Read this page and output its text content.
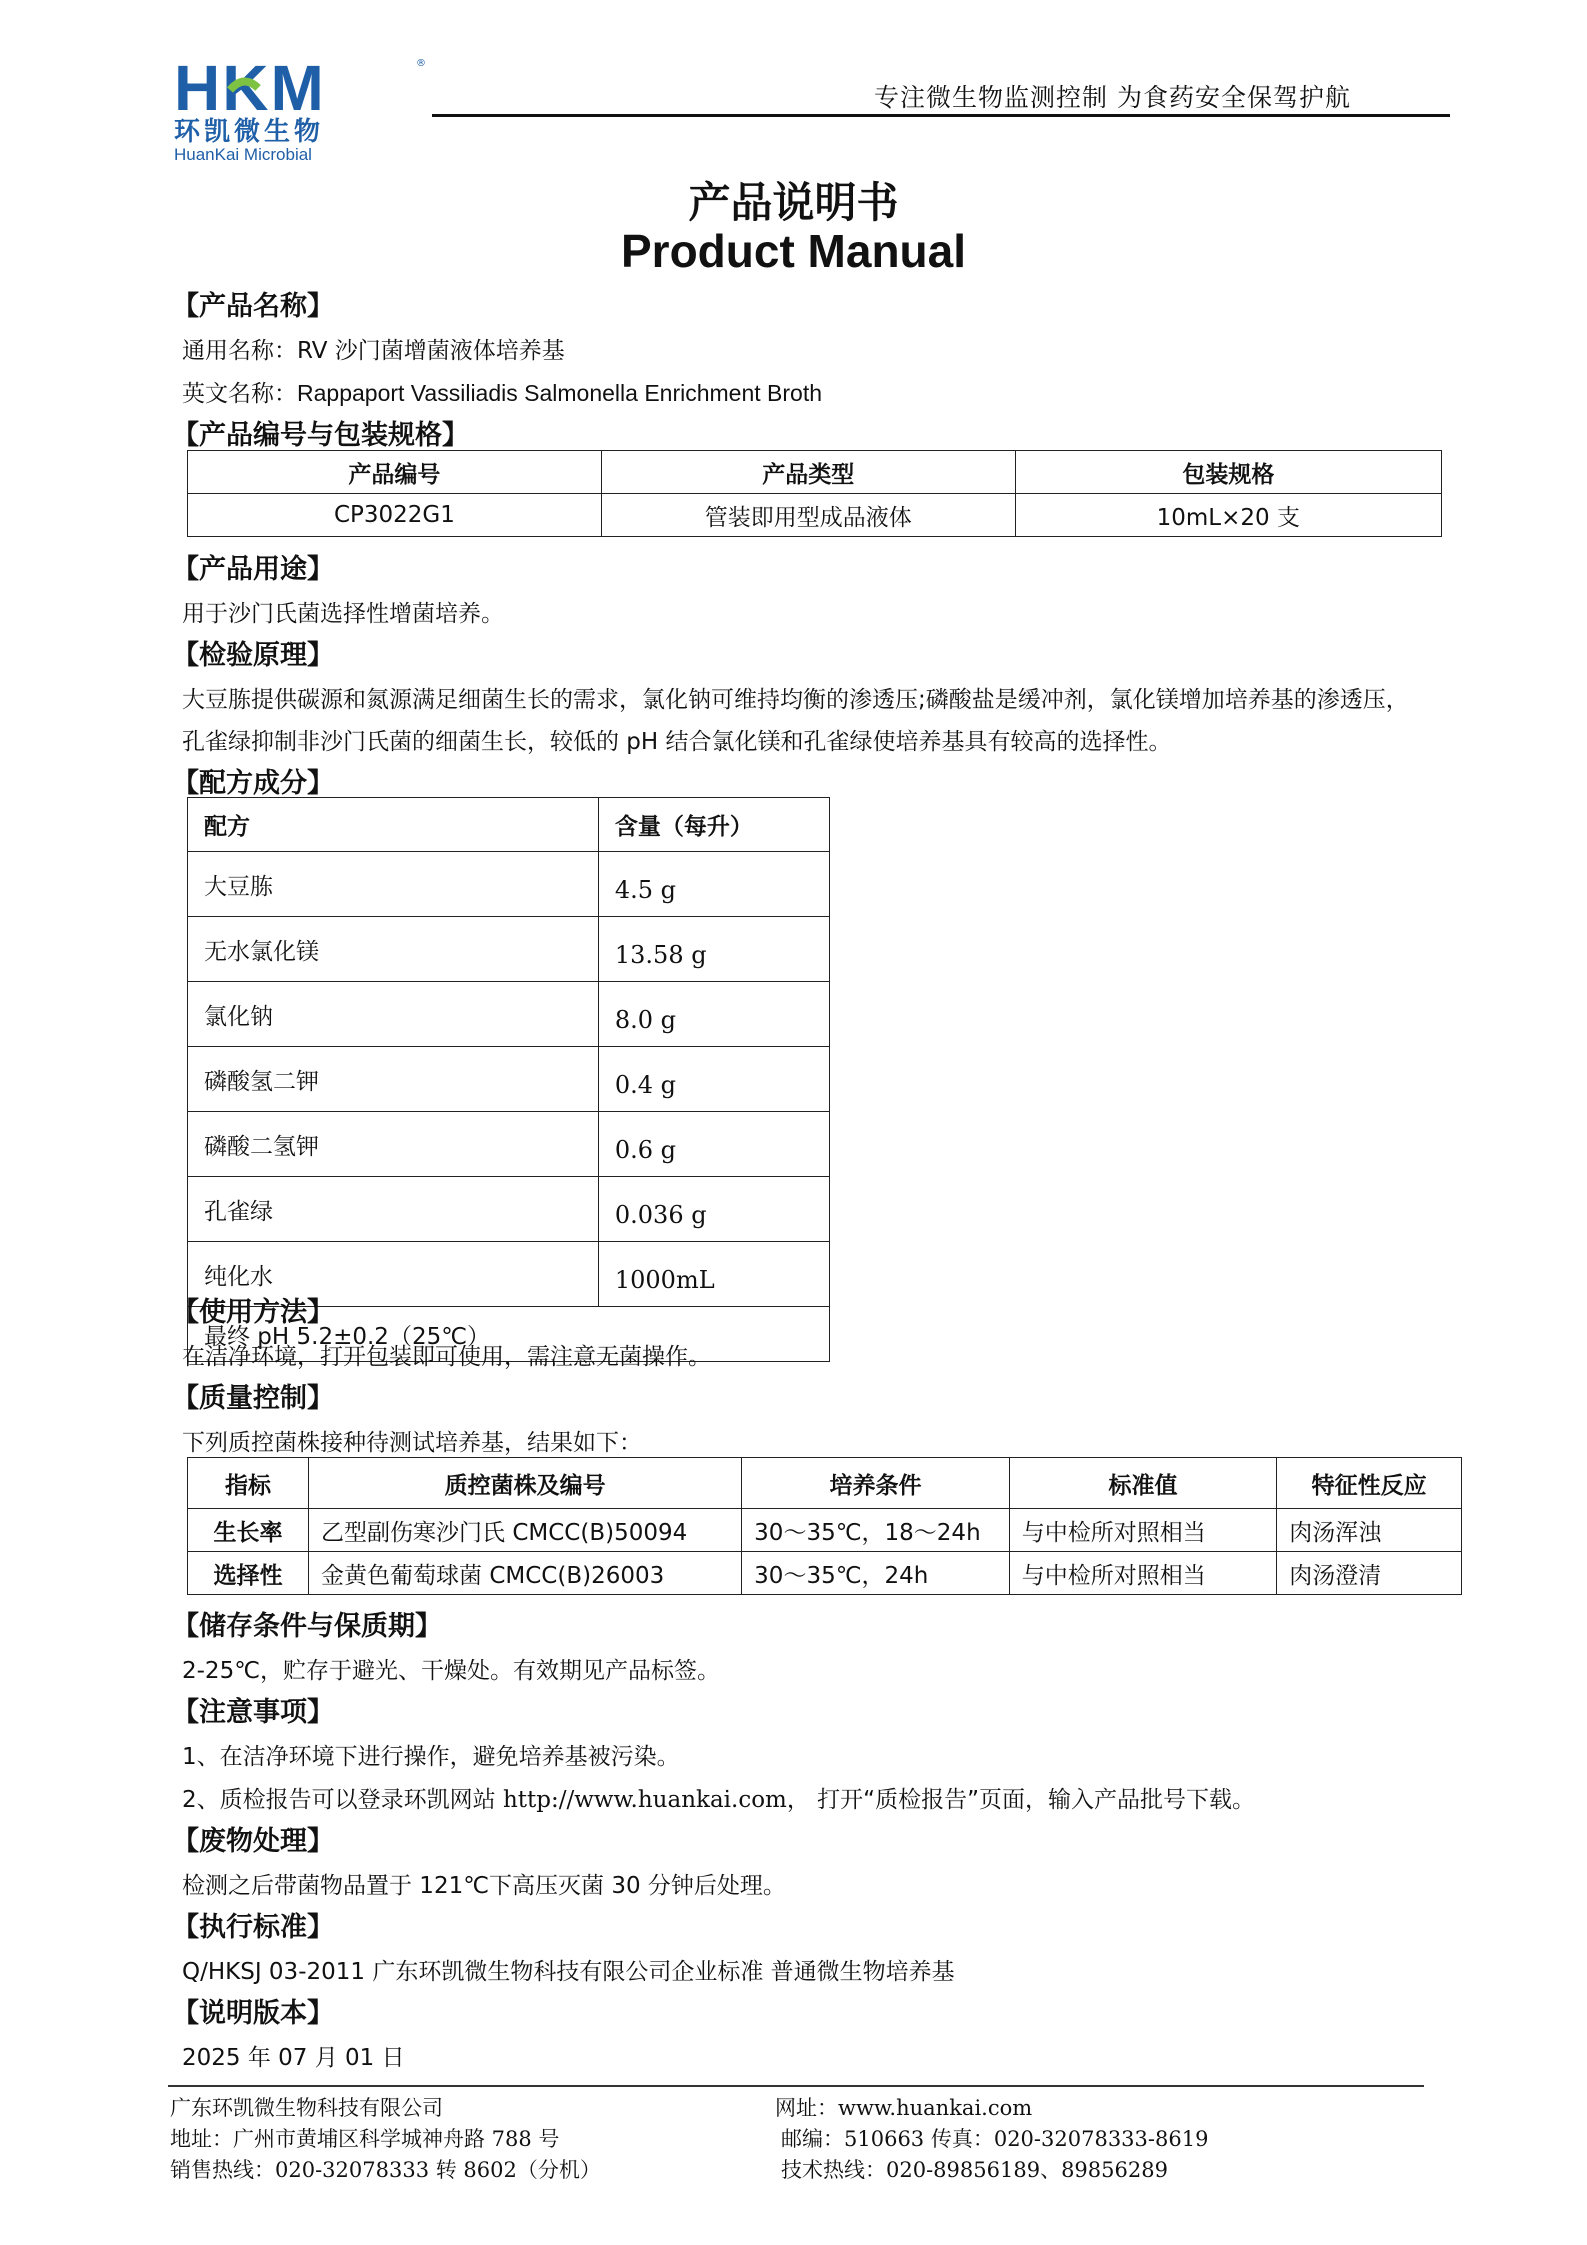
HKM	®
环凯微生物
HuanKai Microbial
专注微生物监测控制 为食药安全保驾护航
产品说明书
Product Manual
【产品名称】
通用名称：RV 沙门菌增菌液体培养基
英文名称：Rappaport Vassiliadis Salmonella Enrichment Broth
【产品编号与包装规格】
产品编号	产品类型	包装规格
CP3022G1	管装即用型成品液体	10mL×20 支
【产品用途】
用于沙门氏菌选择性增菌培养。
【检验原理】
大豆胨提供碳源和氮源满足细菌生长的需求，氯化钠可维持均衡的渗透压;磷酸盐是缓冲剂，氯化镁增加培养基的渗透压，
孔雀绿抑制非沙门氏菌的细菌生长，较低的 pH 结合氯化镁和孔雀绿使培养基具有较高的选择性。
【配方成分】
配方	含量（每升）
大豆胨	4.5 g
无水氯化镁	13.58 g
氯化钠	8.0 g
磷酸氢二钾	0.4 g
磷酸二氢钾	0.6 g
孔雀绿	0.036 g
纯化水	1000mL
最终 pH 5.2±0.2（25℃）	
【使用方法】
在洁净环境，打开包装即可使用，需注意无菌操作。
【质量控制】
下列质控菌株接种待测试培养基，结果如下：
指标	质控菌株及编号	培养条件	标准值	特征性反应
生长率	乙型副伤寒沙门氏 CMCC(B)50094	30～35℃，18～24h	与中检所对照相当	肉汤浑浊
选择性	金黄色葡萄球菌 CMCC(B)26003	30～35℃，24h	与中检所对照相当	肉汤澄清
【储存条件与保质期】
2-25℃，贮存于避光、干燥处。有效期见产品标签。
【注意事项】
1、在洁净环境下进行操作，避免培养基被污染。
2、质检报告可以登录环凯网站 http://www.huankai.com， 打开“质检报告”页面，输入产品批号下载。
【废物处理】
检测之后带菌物品置于 121℃下高压灭菌 30 分钟后处理。
【执行标准】
Q/HKSJ 03-2011 广东环凯微生物科技有限公司企业标准 普通微生物培养基
【说明版本】
2025 年 07 月 01 日
广东环凯微生物科技有限公司
地址：广州市黄埔区科学城神舟路 788 号
销售热线：020-32078333 转 8602（分机）
网址：www.huankai.com
邮编：510663 传真：020-32078333-8619
技术热线：020-89856189、89856289
